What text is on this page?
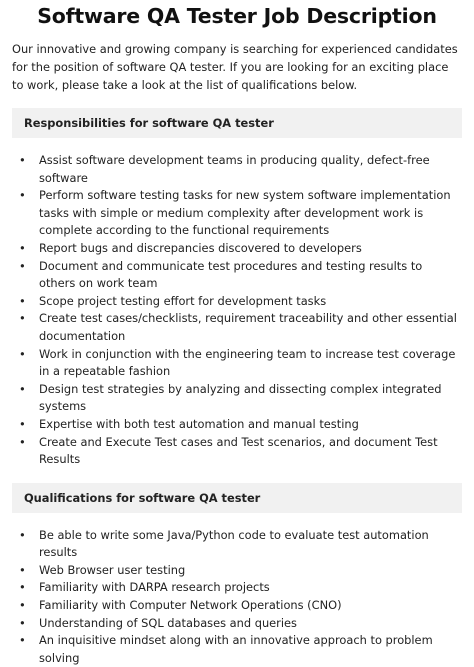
Software QA Tester Job Description

Our innovative and growing company is searching for experienced candidates for the position of software QA tester. If you are looking for an exciting place to work, please take a look at the list of qualifications below.

Responsibilities for software QA tester
• Assist software development teams in producing quality, defect-free software
• Perform software testing tasks for new system software implementation tasks with simple or medium complexity after development work is complete according to the functional requirements
• Report bugs and discrepancies discovered to developers
• Document and communicate test procedures and testing results to others on work team
• Scope project testing effort for development tasks
• Create test cases/checklists, requirement traceability and other essential documentation
• Work in conjunction with the engineering team to increase test coverage in a repeatable fashion
• Design test strategies by analyzing and dissecting complex integrated systems
• Expertise with both test automation and manual testing
• Create and Execute Test cases and Test scenarios, and document Test Results
Qualifications for software QA tester
• Be able to write some Java/Python code to evaluate test automation results
• Web Browser user testing
• Familiarity with DARPA research projects
• Familiarity with Computer Network Operations (CNO)
• Understanding of SQL databases and queries
• An inquisitive mindset along with an innovative approach to problem solving
